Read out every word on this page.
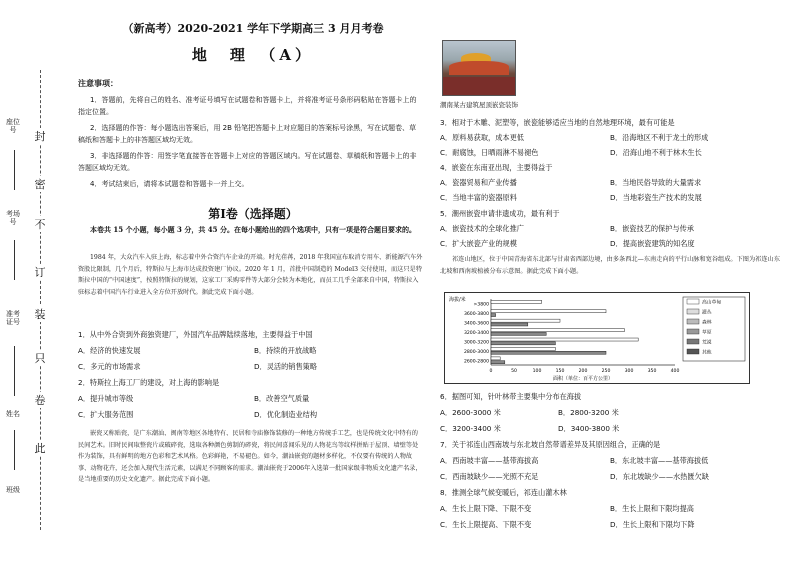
封
密
不
订
装
只
卷
此
座位号
考场号
准考证号
姓名
班级
（新高考）2020-2021 学年下学期高三 3 月月考卷
地　理　（A）
注意事项：
1．答题前，先将自己的姓名、准考证号填写在试题卷和答题卡上，并将准考证号条形码粘贴在答题卡上的指定位置。
2．选择题的作答：每小题选出答案后，用 2B 铅笔把答题卡上对应题目的答案标号涂黑，写在试题卷、草稿纸和答题卡上的非答题区域均无效。
3．非选择题的作答：用签字笔直接答在答题卡上对应的答题区域内。写在试题卷、草稿纸和答题卡上的非答题区域均无效。
4．考试结束后，请将本试题卷和答题卡一并上交。
第Ⅰ卷（选择题）
本卷共 15 个小题，每小题 3 分，共 45 分。在每小题给出的四个选项中，只有一项是符合题目要求的。
1984 年，大众汽车入驻上海，标志着中外合资汽车企业的开端。时光荏苒，2018 年我国宣布取消专用车、新能源汽车外资股比限制，几个月后，特斯拉与上海市达成投资建厂协议。2020 年 1 月，首批中国制造的 Model3 交付使用，而这只是特斯拉中国的“中国速度”，按照特斯拉的规划，这家工厂采购零件等大部分会转为本地化，而员工几乎全部来自中国，特斯拉入驻标志着中国汽车行业进入全方位开放时代。据此完成下面小题。
1．从中外合资到外商独资建厂，外国汽车品牌陆续落地，主要得益于中国
A．经济的快速发展	B．持续的开放战略
C．多元的市场需求	D．灵活的销售策略
2．特斯拉上海工厂的建设，对上海的影响是
A．提升城市等级	B．改善空气质量
C．扩大服务范围	D．优化制造业结构
嵌瓷又称贴瓷，是广东潮汕、闽南等地区各地特有、民居和寺庙修饰装修的一种地方传统手工艺，也是传统文化中特有的民间艺术。旧时民间取整瓷片或破碎瓷，选取各种颜色剪制的碎瓷，将民间喜闻乐见的人物花鸟等纹样拼贴于屋顶、墙壁等处作为装饰，具有鲜明的地方色彩和艺术风格。色彩鲜艳，不易褪色。如今，潮汕嵌瓷的题材多样化，不仅要有传统的人物故事、动物花卉，还会加入现代生活元素，以满足不同顾客的需求。潮汕嵌瓷于2006年入选第一批国家级非物质文化遗产名录，是当地重要的历史文化遗产。据此完成下面小题。
潮南某古建筑屋顶嵌瓷装饰
3．相对于木雕、泥塑等，嵌瓷能够适应当地的自然地理环境，最有可能是
A．原料易获取，成本更低	B．沿海地区不利于龙土的形成
C．耐腐蚀，日晒雨淋不易褪色	D．沿海山地不利于林木生长
4．嵌瓷在东南亚出现，主要得益于
A．瓷器贸易和产业传播	B．当地民俗导致的大量需求
C．当地丰富的瓷器原料	D．当地彩瓷生产技术的发展
5．潮州嵌瓷申请非遗成功，最有利于
A．嵌瓷技术的全球化推广	B．嵌瓷技艺的保护与传承
C．扩大嵌瓷产业的规模	D．提高嵌瓷建筑的知名度
祁连山地区，位于中国青海省东北部与甘肃省西部边境，由多条西北—东南走向的平行山脉和宽谷组成。下图为祁连山东北坡和西南坡植被分布示意图。据此完成下面小题。
海拔/米
>3800
3600-3800
3400-3600
3200-3400
3000-3200
2800-3000
2600-2800
0	50	100	150	200	250	300	350	400
面积（单位：百平方公里）
高山草甸
灌丛
森林
草原
荒漠
其他
6．据图可知，针叶林带主要集中分布在海拔
A．2600-3000 米	B．2800-3200 米
C．3200-3400 米	D．3400-3800 米
7．关于祁连山西南坡与东北坡自然带谱差异及其原因组合，正确的是
A．西南坡丰富——基带海拔高	B．东北坡丰富——基带海拔低
C．西南坡缺少——光照不充足	D．东北坡缺少——水热匮欠缺
8．推测全球气候变暖后，祁连山灌木林
A．生长上限下降、下限不变	B．生长上限和下限均提高
C．生长上限提高、下限不变	D．生长上限和下限均下降
